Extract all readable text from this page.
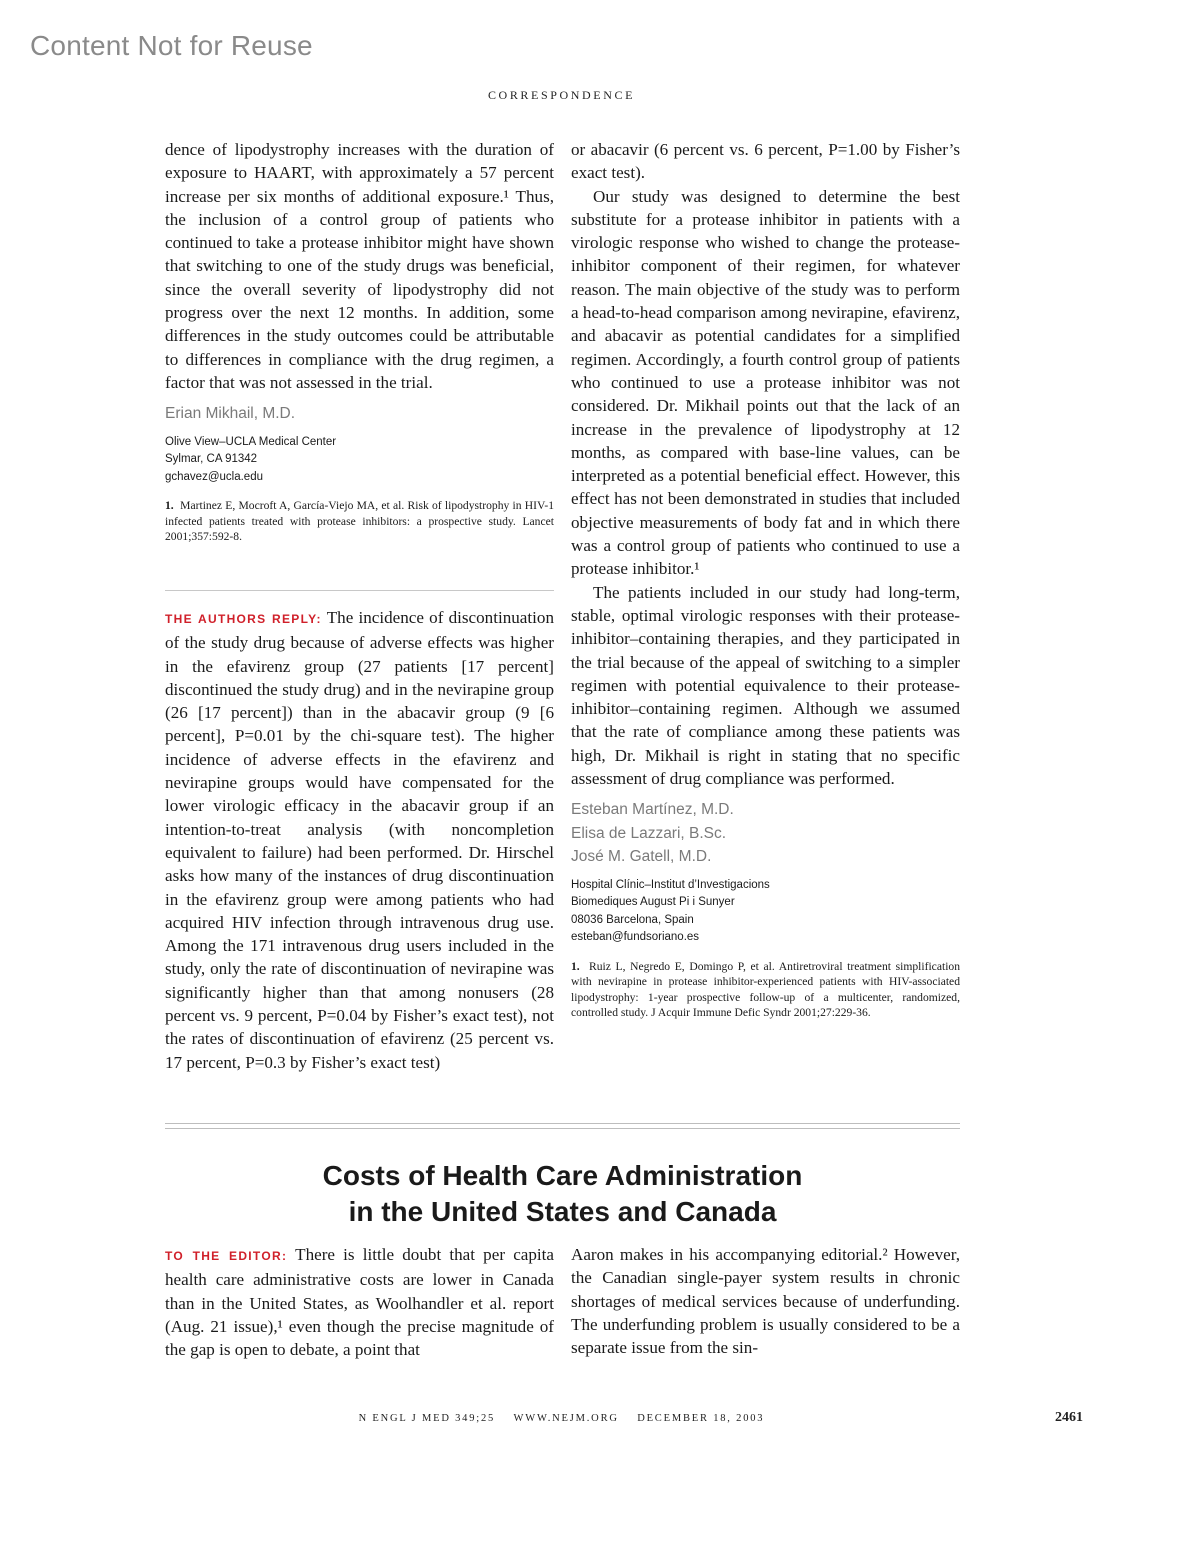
Content Not for Reuse
CORRESPONDENCE

dence of lipodystrophy increases with the duration of exposure to HAART, with approximately a 57 percent increase per six months of additional exposure.¹ Thus, the inclusion of a control group of patients who continued to take a protease inhibitor might have shown that switching to one of the study drugs was beneficial, since the overall severity of lipodystrophy did not progress over the next 12 months. In addition, some differences in the study outcomes could be attributable to differences in compliance with the drug regimen, a factor that was not assessed in the trial.

Erian Mikhail, M.D.
Olive View–UCLA Medical Center
Sylmar, CA 91342
gchavez@ucla.edu
1. Martinez E, Mocroft A, García-Viejo MA, et al. Risk of lipodystrophy in HIV-1 infected patients treated with protease inhibitors: a prospective study. Lancet 2001;357:592-8.

THE AUTHORS REPLY: The incidence of discontinuation of the study drug because of adverse effects was higher in the efavirenz group (27 patients [17 percent] discontinued the study drug) and in the nevirapine group (26 [17 percent]) than in the abacavir group (9 [6 percent], P=0.01 by the chi-square test). The higher incidence of adverse effects in the efavirenz and nevirapine groups would have compensated for the lower virologic efficacy in the abacavir group if an intention-to-treat analysis (with noncompletion equivalent to failure) had been performed. Dr. Hirschel asks how many of the instances of drug discontinuation in the efavirenz group were among patients who had acquired HIV infection through intravenous drug use. Among the 171 intravenous drug users included in the study, only the rate of discontinuation of nevirapine was significantly higher than that among nonusers (28 percent vs. 9 percent, P=0.04 by Fisher’s exact test), not the rates of discontinuation of efavirenz (25 percent vs. 17 percent, P=0.3 by Fisher’s exact test)

or abacavir (6 percent vs. 6 percent, P=1.00 by Fisher’s exact test).

Our study was designed to determine the best substitute for a protease inhibitor in patients with a virologic response who wished to change the protease-inhibitor component of their regimen, for whatever reason. The main objective of the study was to perform a head-to-head comparison among nevirapine, efavirenz, and abacavir as potential candidates for a simplified regimen. Accordingly, a fourth control group of patients who continued to use a protease inhibitor was not considered. Dr. Mikhail points out that the lack of an increase in the prevalence of lipodystrophy at 12 months, as compared with base-line values, can be interpreted as a potential beneficial effect. However, this effect has not been demonstrated in studies that included objective measurements of body fat and in which there was a control group of patients who continued to use a protease inhibitor.¹

The patients included in our study had long-term, stable, optimal virologic responses with their protease-inhibitor–containing therapies, and they participated in the trial because of the appeal of switching to a simpler regimen with potential equivalence to their protease-inhibitor–containing regimen. Although we assumed that the rate of compliance among these patients was high, Dr. Mikhail is right in stating that no specific assessment of drug compliance was performed.

Esteban Martínez, M.D.
Elisa de Lazzari, B.Sc.
José M. Gatell, M.D.
Hospital Clínic–Institut d’Investigacions
Biomediques August Pi i Sunyer
08036 Barcelona, Spain
esteban@fundsoriano.es
1. Ruiz L, Negredo E, Domingo P, et al. Antiretroviral treatment simplification with nevirapine in protease inhibitor-experienced patients with HIV-associated lipodystrophy: 1-year prospective follow-up of a multicenter, randomized, controlled study. J Acquir Immune Defic Syndr 2001;27:229-36.
Costs of Health Care Administration
in the United States and Canada

TO THE EDITOR: There is little doubt that per capita health care administrative costs are lower in Canada than in the United States, as Woolhandler et al. report (Aug. 21 issue),¹ even though the precise magnitude of the gap is open to debate, a point that

Aaron makes in his accompanying editorial.² However, the Canadian single-payer system results in chronic shortages of medical services because of underfunding. The underfunding problem is usually considered to be a separate issue from the sin-

N ENGL J MED 349;25 WWW.NEJM.ORG DECEMBER 18, 2003	2461
